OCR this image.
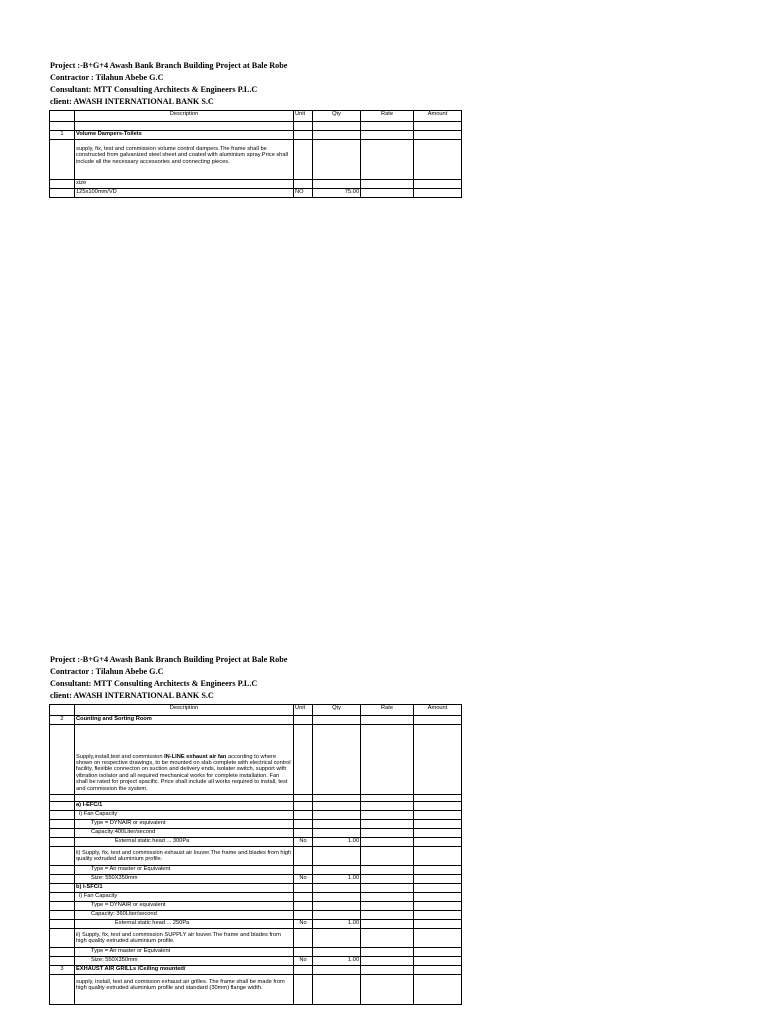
Project :-B+G+4 Awash Bank Branch Building Project at Bale Robe
Contractor : Tilahun Abebe G.C
Consultant: MTT Consulting Architects & Engineers P.L.C
client: AWASH INTERNATIONAL BANK S.C
	Description	Unit	Qty	Rate	Amount

1	Volume Dampers-Toilets				
	supply, fix, test and commission volume control dampers.The frame shall be constructed from galvanized steel sheet and coated with aluminium spray.Price shall include all the necessary accessories and connecting pieces.				
	size				
	125x100mm/VD	NO	75.00		
Project :-B+G+4 Awash Bank Branch Building Project at Bale Robe
Contractor : Tilahun Abebe G.C
Consultant: MTT Consulting Architects & Engineers P.L.C
client: AWASH INTERNATIONAL BANK S.C
	Description	Unit	Qty	Rate	Amount
2	Counting and Sorting Room				
	Supply,install,test and commission IN-LINE exhaust air fan according to where shown on respective drawings, to be mounted on slab complete with electrical control facility, flexible connecton on suction and delivery ends, isolater switch, support with vibration isolator and all required mechanical works for complete installation. Fan shall be rated for project spacific. Price shall include all works required to install, test and commission the system.				

	a) I-EFC/1				
	i) Fan Capacity				
	Type = DYNAIR or equivalent				
	Capacity:400Liter/second				
	External static head ... 300Pa	No	1.00		
	ii) Supply, fix, test and commission exhaust air louver.The frame and blades from high quality extruded aluminium profile.				
	Type = Air master or Equivalent				
	Size: 550X350mm	No	1.00		
	b) I-SFC/1				
	i) Fan Capacity				
	Type = DYNAIR or equivalent				
	Capacity: 360Liter/second				
	External static head ... 250Pa	No	1.00		
	ii) Supply, fix, test and commission SUPPLY air louver.The frame and blades from high quality extruded aluminium profile.				
	Type = Air master or Equivalent				
	Size: 550X350mm	No	1.00		
3	EXHAUST AIR GRILLs /Ceiling mounted/				
	supply, install, test and comission exhaust air grilles. The frame shall be made from high quality extruded aluminium profile and standard (30mm) flange width.				
